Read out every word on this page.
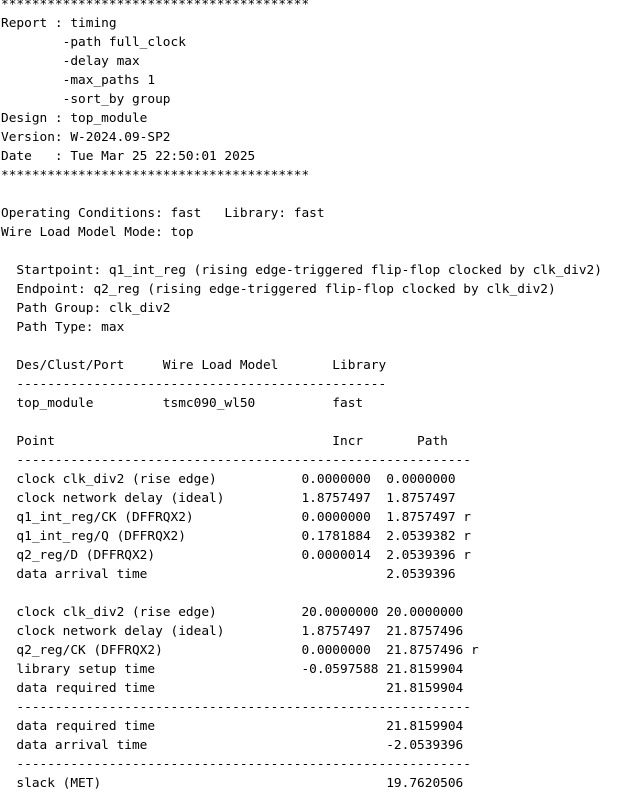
****************************************
Report : timing
-path full_clock
-delay max
-max_paths 1
-sort_by group
Design : top_module
Version: W-2024.09-SP2
Date   : Tue Mar 25 22:50:01 2025
****************************************
Operating Conditions: fast   Library: fast
Wire Load Model Mode: top
Startpoint: q1_int_reg (rising edge-triggered flip-flop clocked by clk_div2)
Endpoint: q2_reg (rising edge-triggered flip-flop clocked by clk_div2)
Path Group: clk_div2
Path Type: max
Des/Clust/Port     Wire Load Model       Library
------------------------------------------------
top_module         tsmc090_wl50          fast
Point                                    Incr       Path
-----------------------------------------------------------
clock clk_div2 (rise edge)           0.0000000  0.0000000
clock network delay (ideal)          1.8757497  1.8757497
q1_int_reg/CK (DFFRQX2)              0.0000000  1.8757497 r
q1_int_reg/Q (DFFRQX2)               0.1781884  2.0539382 r
q2_reg/D (DFFRQX2)                   0.0000014  2.0539396 r
data arrival time                               2.0539396
clock clk_div2 (rise edge)           20.0000000 20.0000000
clock network delay (ideal)          1.8757497  21.8757496
q2_reg/CK (DFFRQX2)                  0.0000000  21.8757496 r
library setup time                   -0.0597588 21.8159904
data required time                              21.8159904
-----------------------------------------------------------
data required time                              21.8159904
data arrival time                               -2.0539396
-----------------------------------------------------------
slack (MET)                                     19.7620506
